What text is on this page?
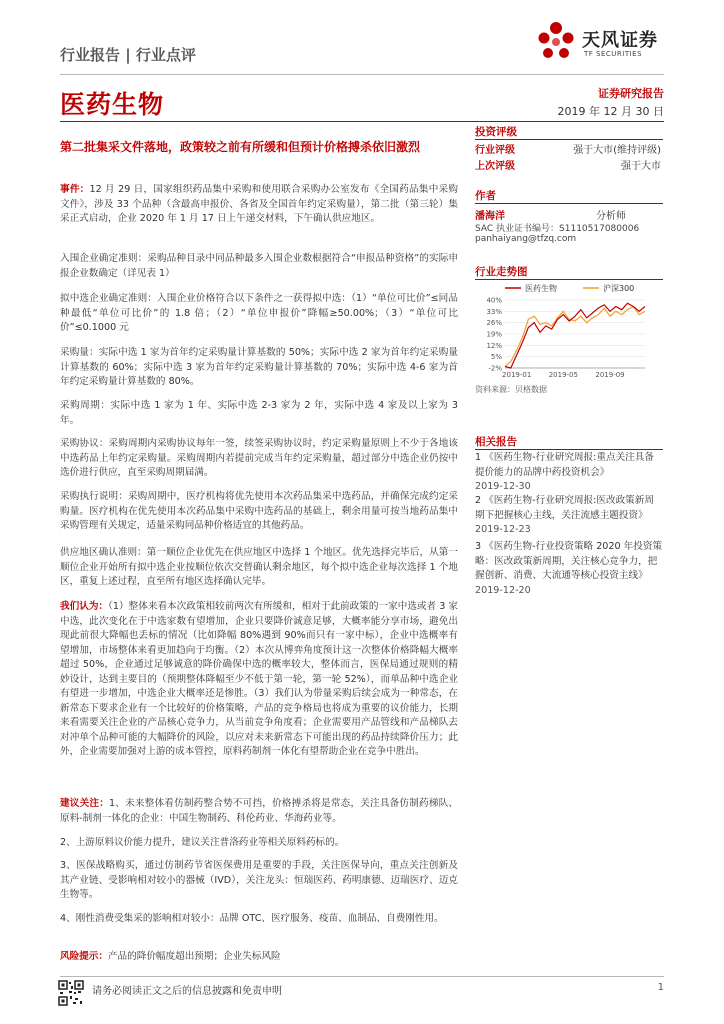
行业报告 | 行业点评
天风证券
TF SECURITIES
医药生物	证券研究报告
2019 年 12 月 30 日
第二批集采文件落地，政策较之前有所缓和但预计价格搏杀依旧激烈
事件：12 月 29 日，国家组织药品集中采购和使用联合采购办公室发布《全国药品集中采购文件》，涉及 33 个品种（含最高申报价、各省及全国首年约定采购量），第二批（第三轮）集采正式启动，企业 2020 年 1 月 17 日上午递交材料，下午确认供应地区。
入围企业确定准则：采购品种目录中同品种最多入围企业数根据符合“申报品种资格”的实际申报企业数确定（详见表 1）
拟中选企业确定准则：入围企业价格符合以下条件之一获得拟中选：（1）“单位可比价”≤同品种最低“单位可比价”的 1.8 倍；（2）“单位申报价”降幅≥50.00%；（3）“单位可比价”≤0.1000 元
采购量：实际中选 1 家为首年约定采购量计算基数的 50%；实际中选 2 家为首年约定采购量计算基数的 60%；实际中选 3 家为首年约定采购量计算基数的 70%；实际中选 4-6 家为首年约定采购量计算基数的 80%。
采购周期：实际中选 1 家为 1 年、实际中选 2-3 家为 2 年，实际中选 4 家及以上家为 3 年。
采购协议：采购周期内采购协议每年一签，续签采购协议时，约定采购量原则上不少于各地该中选药品上年约定采购量。采购周期内若提前完成当年约定采购量，超过部分中选企业仍按中选价进行供应，直至采购周期届满。
采购执行说明：采购周期中，医疗机构将优先使用本次药品集采中选药品，并确保完成约定采购量。医疗机构在优先使用本次药品集中采购中选药品的基础上，剩余用量可按当地药品集中采购管理有关规定，适量采购同品种价格适宜的其他药品。
供应地区确认准则：第一顺位企业优先在供应地区中选择 1 个地区。优先选择完毕后，从第一顺位企业开始所有拟中选企业按顺位依次交替确认剩余地区，每个拟中选企业每次选择 1 个地区，重复上述过程，直至所有地区选择确认完毕。
我们认为：（1）整体来看本次政策相较前两次有所缓和，相对于此前政策的一家中选或者 3 家中选，此次变化在于中选家数有望增加，企业只要降价诚意足够，大概率能分享市场，避免出现此前很大降幅也丢标的情况（比如降幅 80%遇到 90%而只有一家中标），企业中选概率有望增加，市场整体来看更加趋向于均衡。（2）本次从博弈角度预计这一次整体价格降幅大概率超过 50%，企业通过足够诚意的降价确保中选的概率较大，整体而言，医保局通过规则的精妙设计，达到主要目的（预期整体降幅至少不低于第一轮，第一轮 52%），而单品种中选企业有望进一步增加，中选企业大概率还是惨胜。（3）我们认为带量采购后续会成为一种常态，在新常态下要求企业有一个比较好的价格策略，产品的竞争格局也将成为重要的议价能力，长期来看需要关注企业的产品核心竞争力，从当前竞争角度看；企业需要用产品管线和产品梯队去对冲单个品种可能的大幅降价的风险，以应对未来新常态下可能出现的药品持续降价压力；此外，企业需要加强对上游的成本管控，原料药制剂一体化有望帮助企业在竞争中胜出。
建议关注：1、未来整体看仿制药整合势不可挡，价格搏杀将是常态，关注具备仿制药梯队、原料-制剂一体化的企业：中国生物制药、科伦药业、华海药业等。
2、上游原料议价能力提升，建议关注普洛药业等相关原料药标的。
3、医保战略购买，通过仿制药节省医保费用是重要的手段，关注医保导向，重点关注创新及其产业链、受影响相对较小的器械（IVD），关注龙头：恒瑞医药、药明康德、迈瑞医疗、迈克生物等。
4、刚性消费受集采的影响相对较小：品牌 OTC、医疗服务、疫苗、血制品、自费刚性用。
风险提示：产品的降价幅度超出预期；企业失标风险
投资评级
行业评级	强于大市(维持评级)
上次评级	强于大市
作者
潘海洋	分析师
SAC 执业证书编号：S1110517080006
panhaiyang@tfzq.com
行业走势图
医药生物	沪深300
-2%
5%
12%
19%
26%
33%
40%
2019-01 2019-05 2019-09
资料来源：贝格数据
相关报告
1 《医药生物-行业研究周报:重点关注具备提价能力的品牌中药投资机会》
2019-12-30
2 《医药生物-行业研究周报:医改政策新周期下把握核心主线，关注流感主题投资》
2019-12-23
3 《医药生物-行业投资策略 2020 年投资策略：医改政策新周期，关注核心竞争力，把握创新、消费、大流通等核心投资主线》
2019-12-20
请务必阅读正文之后的信息披露和免责申明	1
